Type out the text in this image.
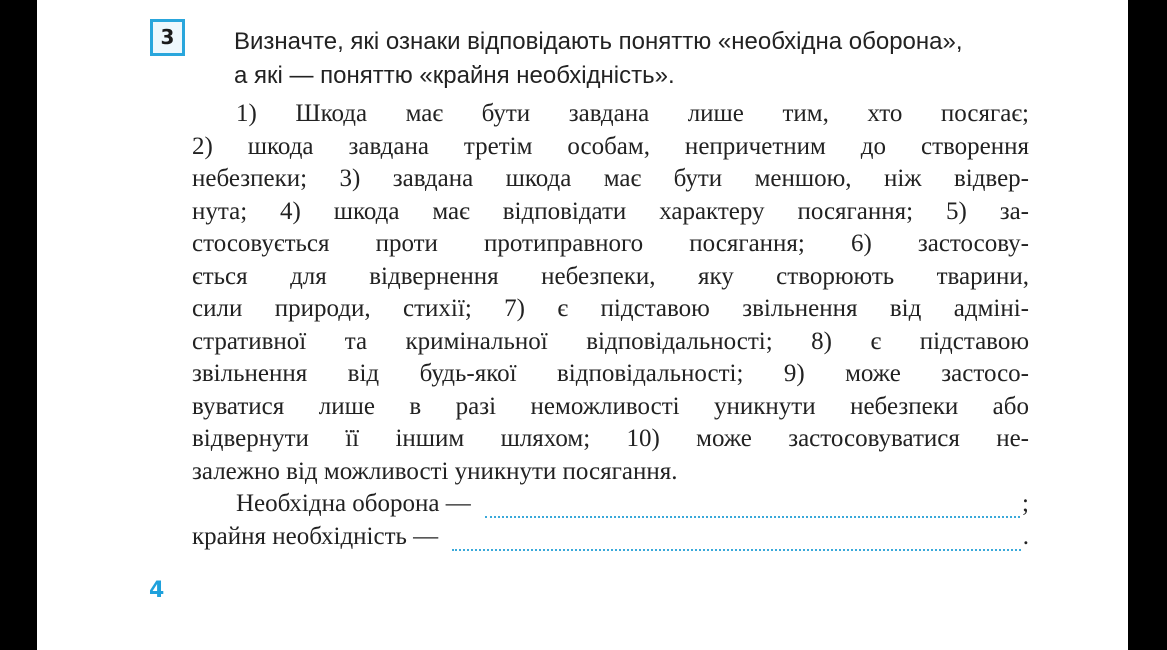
3	Визначте, які ознаки відповідають поняттю «необхідна оборона»,
а які — поняттю «крайня необхідність».
1) Шкода має бути завдана лише тим, хто посягає;
2) шкода завдана третім особам, непричетним до створення
небезпеки; 3) завдана шкода має бути меншою, ніж відвер-
нута; 4) шкода має відповідати характеру посягання; 5) за-
стосовується проти протиправного посягання; 6) застосову-
ється для відвернення небезпеки, яку створюють тварини,
сили природи, стихії; 7) є підставою звільнення від адміні-
стративної та кримінальної відповідальності; 8) є підставою
звільнення від будь-якої відповідальності; 9) може застосо-
вуватися лише в разі неможливості уникнути небезпеки або
відвернути її іншим шляхом; 10) може застосовуватися не-
залежно від можливості уникнути посягання.
Необхідна оборона —	;
крайня необхідність —	.
4
